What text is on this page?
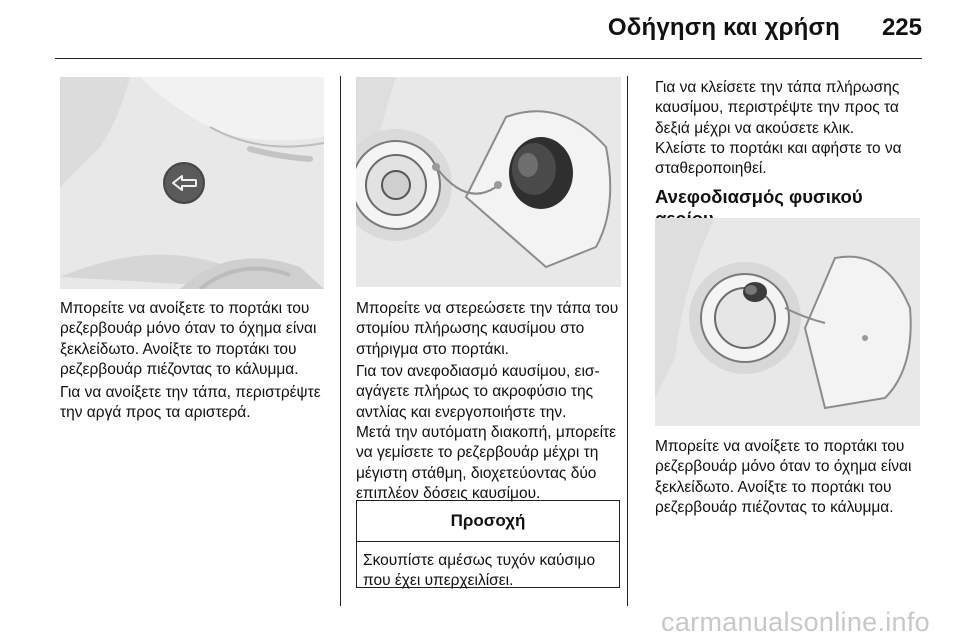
Οδήγηση και χρήση 225
Μπορείτε να ανοίξετε το πορτάκι του ρεζερβουάρ μόνο όταν το όχημα είναι ξεκλείδωτο. Ανοίξτε το πορτάκι του ρεζερβουάρ πιέζοντας το κάλυμμα.
Για να ανοίξετε την τάπα, περιστρέψτε την αργά προς τα αριστερά.
Μπορείτε να στερεώσετε την τάπα του στομίου πλήρωσης καυσίμου στο στήριγμα στο πορτάκι.
Για τον ανεφοδιασμό καυσίμου, εισ-αγάγετε πλήρως το ακροφύσιο της αντλίας και ενεργοποιήστε την.
Μετά την αυτόματη διακοπή, μπορείτε να γεμίσετε το ρεζερβουάρ μέχρι τη μέγιστη στάθμη, διοχετεύοντας δύο επιπλέον δόσεις καυσίμου.
Προσοχή
Σκουπίστε αμέσως τυχόν καύσιμο που έχει υπερχειλίσει.
Για να κλείσετε την τάπα πλήρωσης καυσίμου, περιστρέψτε την προς τα δεξιά μέχρι να ακούσετε κλικ.
Κλείστε το πορτάκι και αφήστε το να σταθεροποιηθεί.
Ανεφοδιασμός φυσικού
Μπορείτε να ανοίξετε το πορτάκι του ρεζερβουάρ μόνο όταν το όχημα είναι ξεκλείδωτο. Ανοίξτε το πορτάκι του ρεζερβουάρ πιέζοντας το κάλυμμα.
carmanualsonline.info
